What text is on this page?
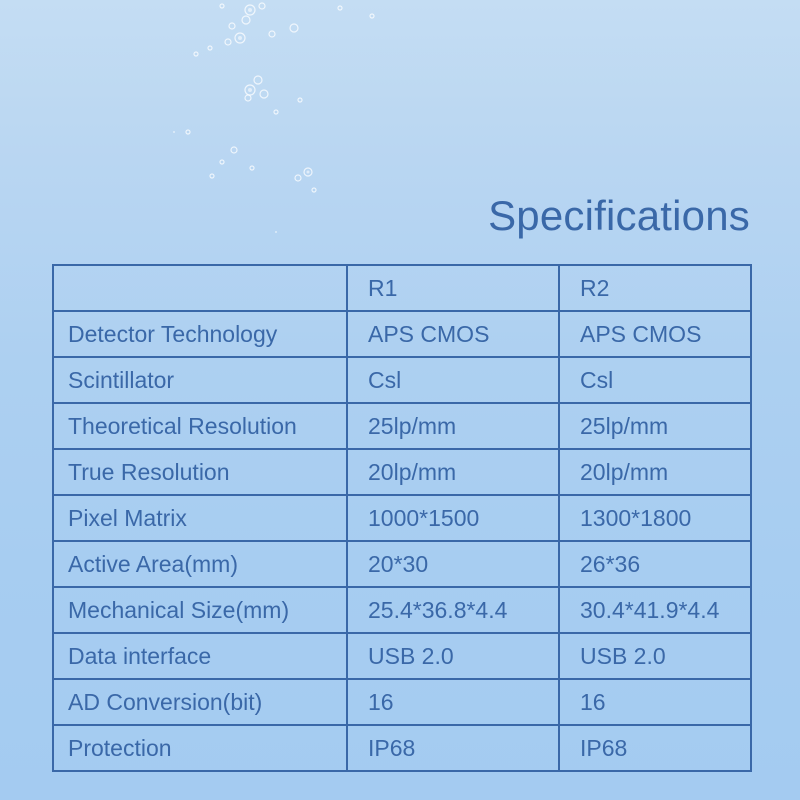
Specifications
	R1	R2
Detector Technology	APS CMOS	APS CMOS
Scintillator	Csl	Csl
Theoretical Resolution	25lp/mm	25lp/mm
True Resolution	20lp/mm	20lp/mm
Pixel Matrix	1000*1500	1300*1800
Active Area(mm)	20*30	26*36
Mechanical Size(mm)	25.4*36.8*4.4	30.4*41.9*4.4
Data interface	USB 2.0	USB 2.0
AD Conversion(bit)	16	16
Protection	IP68	IP68
